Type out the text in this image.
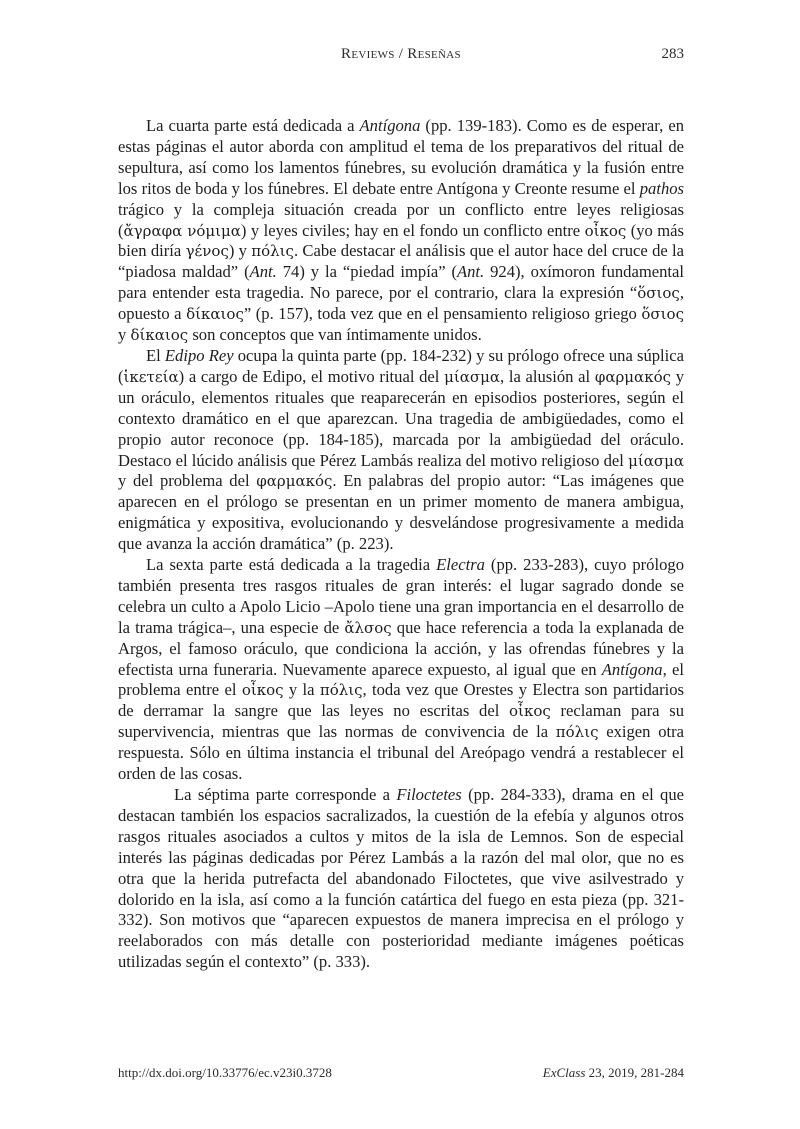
Reviews / Reseñas	283

La cuarta parte está dedicada a Antígona (pp. 139-183). Como es de esperar, en estas páginas el autor aborda con amplitud el tema de los preparativos del ritual de sepultura, así como los lamentos fúnebres, su evolución dramática y la fusión entre los ritos de boda y los fúnebres. El debate entre Antígona y Creonte resume el pathos trágico y la compleja situación creada por un conflicto entre leyes religiosas (ἄγραφα νόμιμα) y leyes civiles; hay en el fondo un conflicto entre οἶκος (yo más bien diría γένος) y πόλις. Cabe destacar el análisis que el autor hace del cruce de la “piadosa maldad” (Ant. 74) y la “piedad impía” (Ant. 924), oxímoron fundamental para entender esta tragedia. No parece, por el contrario, clara la expresión “ὅσιος, opuesto a δίκαιος” (p. 157), toda vez que en el pensamiento religioso griego ὅσιος y δίκαιος son conceptos que van íntimamente unidos.

El Edipo Rey ocupa la quinta parte (pp. 184-232) y su prólogo ofrece una súplica (ἱκετεία) a cargo de Edipo, el motivo ritual del μίασμα, la alusión al φαρμακός y un oráculo, elementos rituales que reaparecerán en episodios posteriores, según el contexto dramático en el que aparezcan. Una tragedia de ambigüedades, como el propio autor reconoce (pp. 184-185), marcada por la ambigüedad del oráculo. Destaco el lúcido análisis que Pérez Lambás realiza del motivo religioso del μίασμα y del problema del φαρμακός. En palabras del propio autor: “Las imágenes que aparecen en el prólogo se presentan en un primer momento de manera ambigua, enigmática y expositiva, evolucionando y desvelándose progresivamente a medida que avanza la acción dramática” (p. 223).

La sexta parte está dedicada a la tragedia Electra (pp. 233-283), cuyo prólogo también presenta tres rasgos rituales de gran interés: el lugar sagrado donde se celebra un culto a Apolo Licio –Apolo tiene una gran importancia en el desarrollo de la trama trágica–, una especie de ἄλσος que hace referencia a toda la explanada de Argos, el famoso oráculo, que condiciona la acción, y las ofrendas fúnebres y la efectista urna funeraria. Nuevamente aparece expuesto, al igual que en Antígona, el problema entre el οἶκος y la πόλις, toda vez que Orestes y Electra son partidarios de derramar la sangre que las leyes no escritas del οἶκος reclaman para su supervivencia, mientras que las normas de convivencia de la πόλις exigen otra respuesta. Sólo en última instancia el tribunal del Areópago vendrá a restablecer el orden de las cosas.

La séptima parte corresponde a Filoctetes (pp. 284-333), drama en el que destacan también los espacios sacralizados, la cuestión de la efebía y algunos otros rasgos rituales asociados a cultos y mitos de la isla de Lemnos. Son de especial interés las páginas dedicadas por Pérez Lambás a la razón del mal olor, que no es otra que la herida putrefacta del abandonado Filoctetes, que vive asilvestrado y dolorido en la isla, así como a la función catártica del fuego en esta pieza (pp. 321-332). Son motivos que “aparecen expuestos de manera imprecisa en el prólogo y reelaborados con más detalle con posterioridad mediante imágenes poéticas utilizadas según el contexto” (p. 333).

http://dx.doi.org/10.33776/ec.v23i0.3728	ExClass 23, 2019, 281-284
